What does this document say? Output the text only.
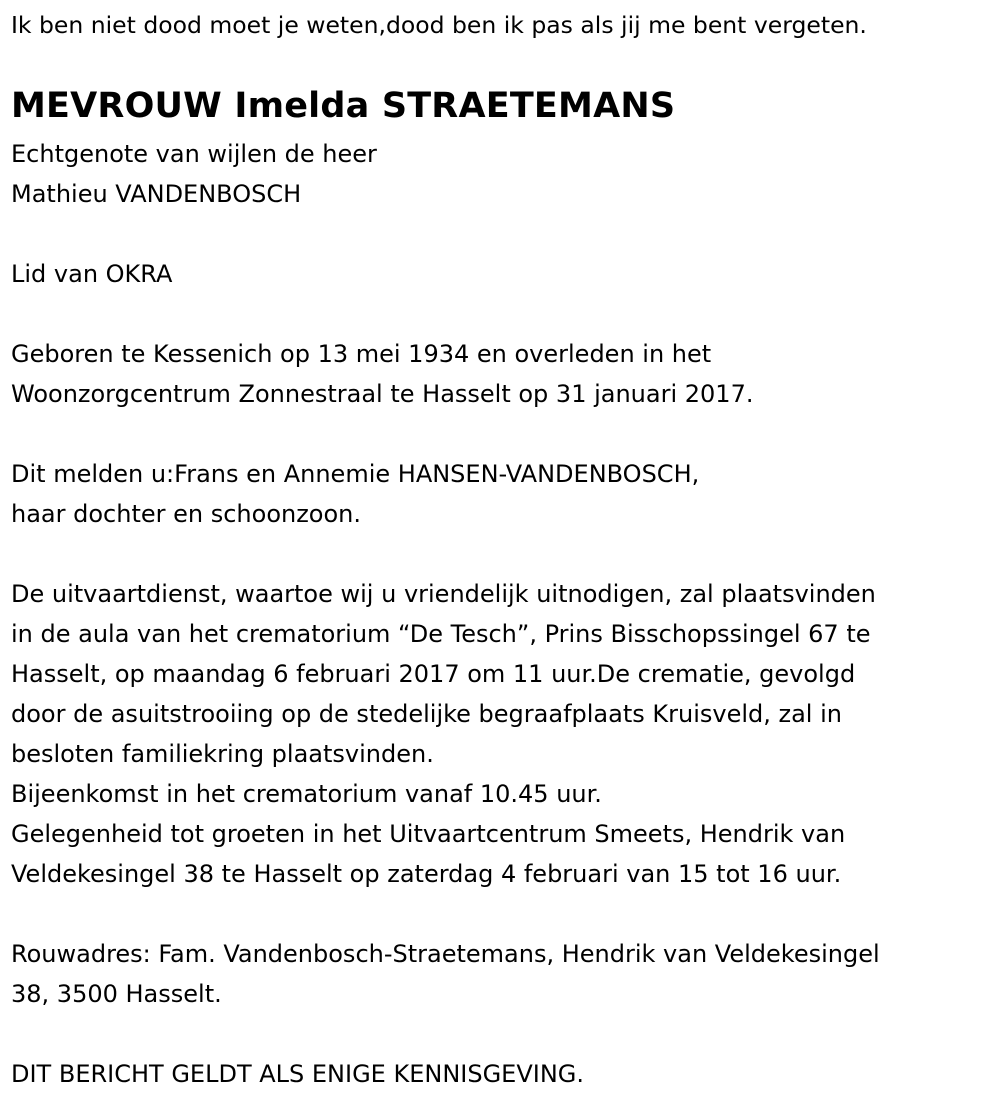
Ik ben niet dood moet je weten,dood ben ik pas als jij me bent vergeten.
MEVROUW Imelda STRAETEMANS
Echtgenote van wijlen de heer
Mathieu VANDENBOSCH
Lid van OKRA
Geboren te Kessenich op 13 mei 1934 en overleden in het
Woonzorgcentrum Zonnestraal te Hasselt op 31 januari 2017.
Dit melden u:Frans en Annemie HANSEN-VANDENBOSCH,
haar dochter en schoonzoon.
De uitvaartdienst, waartoe wij u vriendelijk uitnodigen, zal plaatsvinden
in de aula van het crematorium “De Tesch”, Prins Bisschopssingel 67 te
Hasselt, op maandag 6 februari 2017 om 11 uur.De crematie, gevolgd
door de asuitstrooiing op de stedelijke begraafplaats Kruisveld, zal in
besloten familiekring plaatsvinden.
Bijeenkomst in het crematorium vanaf 10.45 uur.
Gelegenheid tot groeten in het Uitvaartcentrum Smeets, Hendrik van
Veldekesingel 38 te Hasselt op zaterdag 4 februari van 15 tot 16 uur.
Rouwadres: Fam. Vandenbosch-Straetemans, Hendrik van Veldekesingel
38, 3500 Hasselt.
DIT BERICHT GELDT ALS ENIGE KENNISGEVING.
